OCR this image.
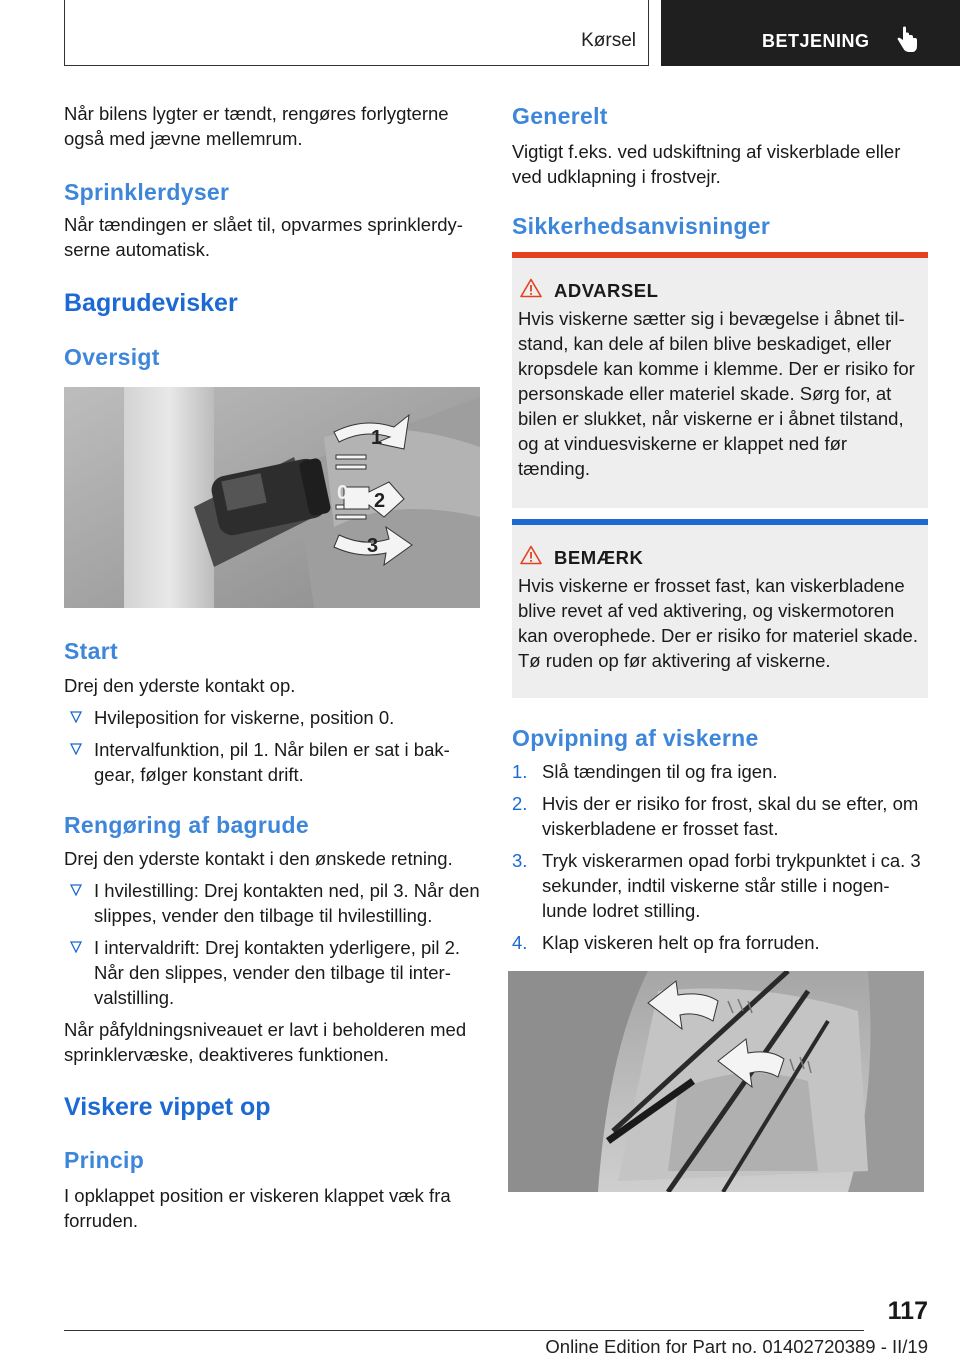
Kørsel	BETJENING

Når bilens lygter er tændt, rengøres forlygterne også med jævne mellemrum.

Sprinklerdyser

Når tændingen er slået til, opvarmes sprinklerdyserne automatisk.

Bagrudevisker
Oversigt
1
0 2
3
Start

Drej den yderste kontakt op.

Hvileposition for viskerne, position 0.
Intervalfunktion, pil 1. Når bilen er sat i bakgear, følger konstant drift.
Rengøring af bagrude

Drej den yderste kontakt i den ønskede retning.

I hvilestilling: Drej kontakten ned, pil 3. Når den slippes, vender den tilbage til hvilestilling.
I intervaldrift: Drej kontakten yderligere, pil 2. Når den slippes, vender den tilbage til intervalstilling.

Når påfyldningsniveauet er lavt i beholderen med sprinklervæske, deaktiveres funktionen.

Viskere vippet op
Princip

I opklappet position er viskeren klappet væk fra forruden.

Generelt

Vigtigt f.eks. ved udskiftning af viskerblade eller ved udklapning i frostvejr.

Sikkerhedsanvisninger
ADVARSEL

Hvis viskerne sætter sig i bevægelse i åbnet tilstand, kan dele af bilen blive beskadiget, eller kropsdele kan komme i klemme. Der er risiko for personskade eller materiel skade. Sørg for, at bilen er slukket, når viskerne er i åbnet tilstand, og at vinduesviskerne er klappet ned før tænding.

BEMÆRK

Hvis viskerne er frosset fast, kan viskerbladene blive revet af ved aktivering, og viskermotoren kan overophede. Der er risiko for materiel skade. Tø ruden op før aktivering af viskerne.

Opvipning af viskerne
1. Slå tændingen til og fra igen.
2. Hvis der er risiko for frost, skal du se efter, om viskerbladene er frosset fast.
3. Tryk viskerarmen opad forbi trykpunktet i ca. 3 sekunder, indtil viskerne står stille i nogenlunde lodret stilling.
4. Klap viskeren helt op fra forruden.
117
Online Edition for Part no. 01402720389 - II/19
